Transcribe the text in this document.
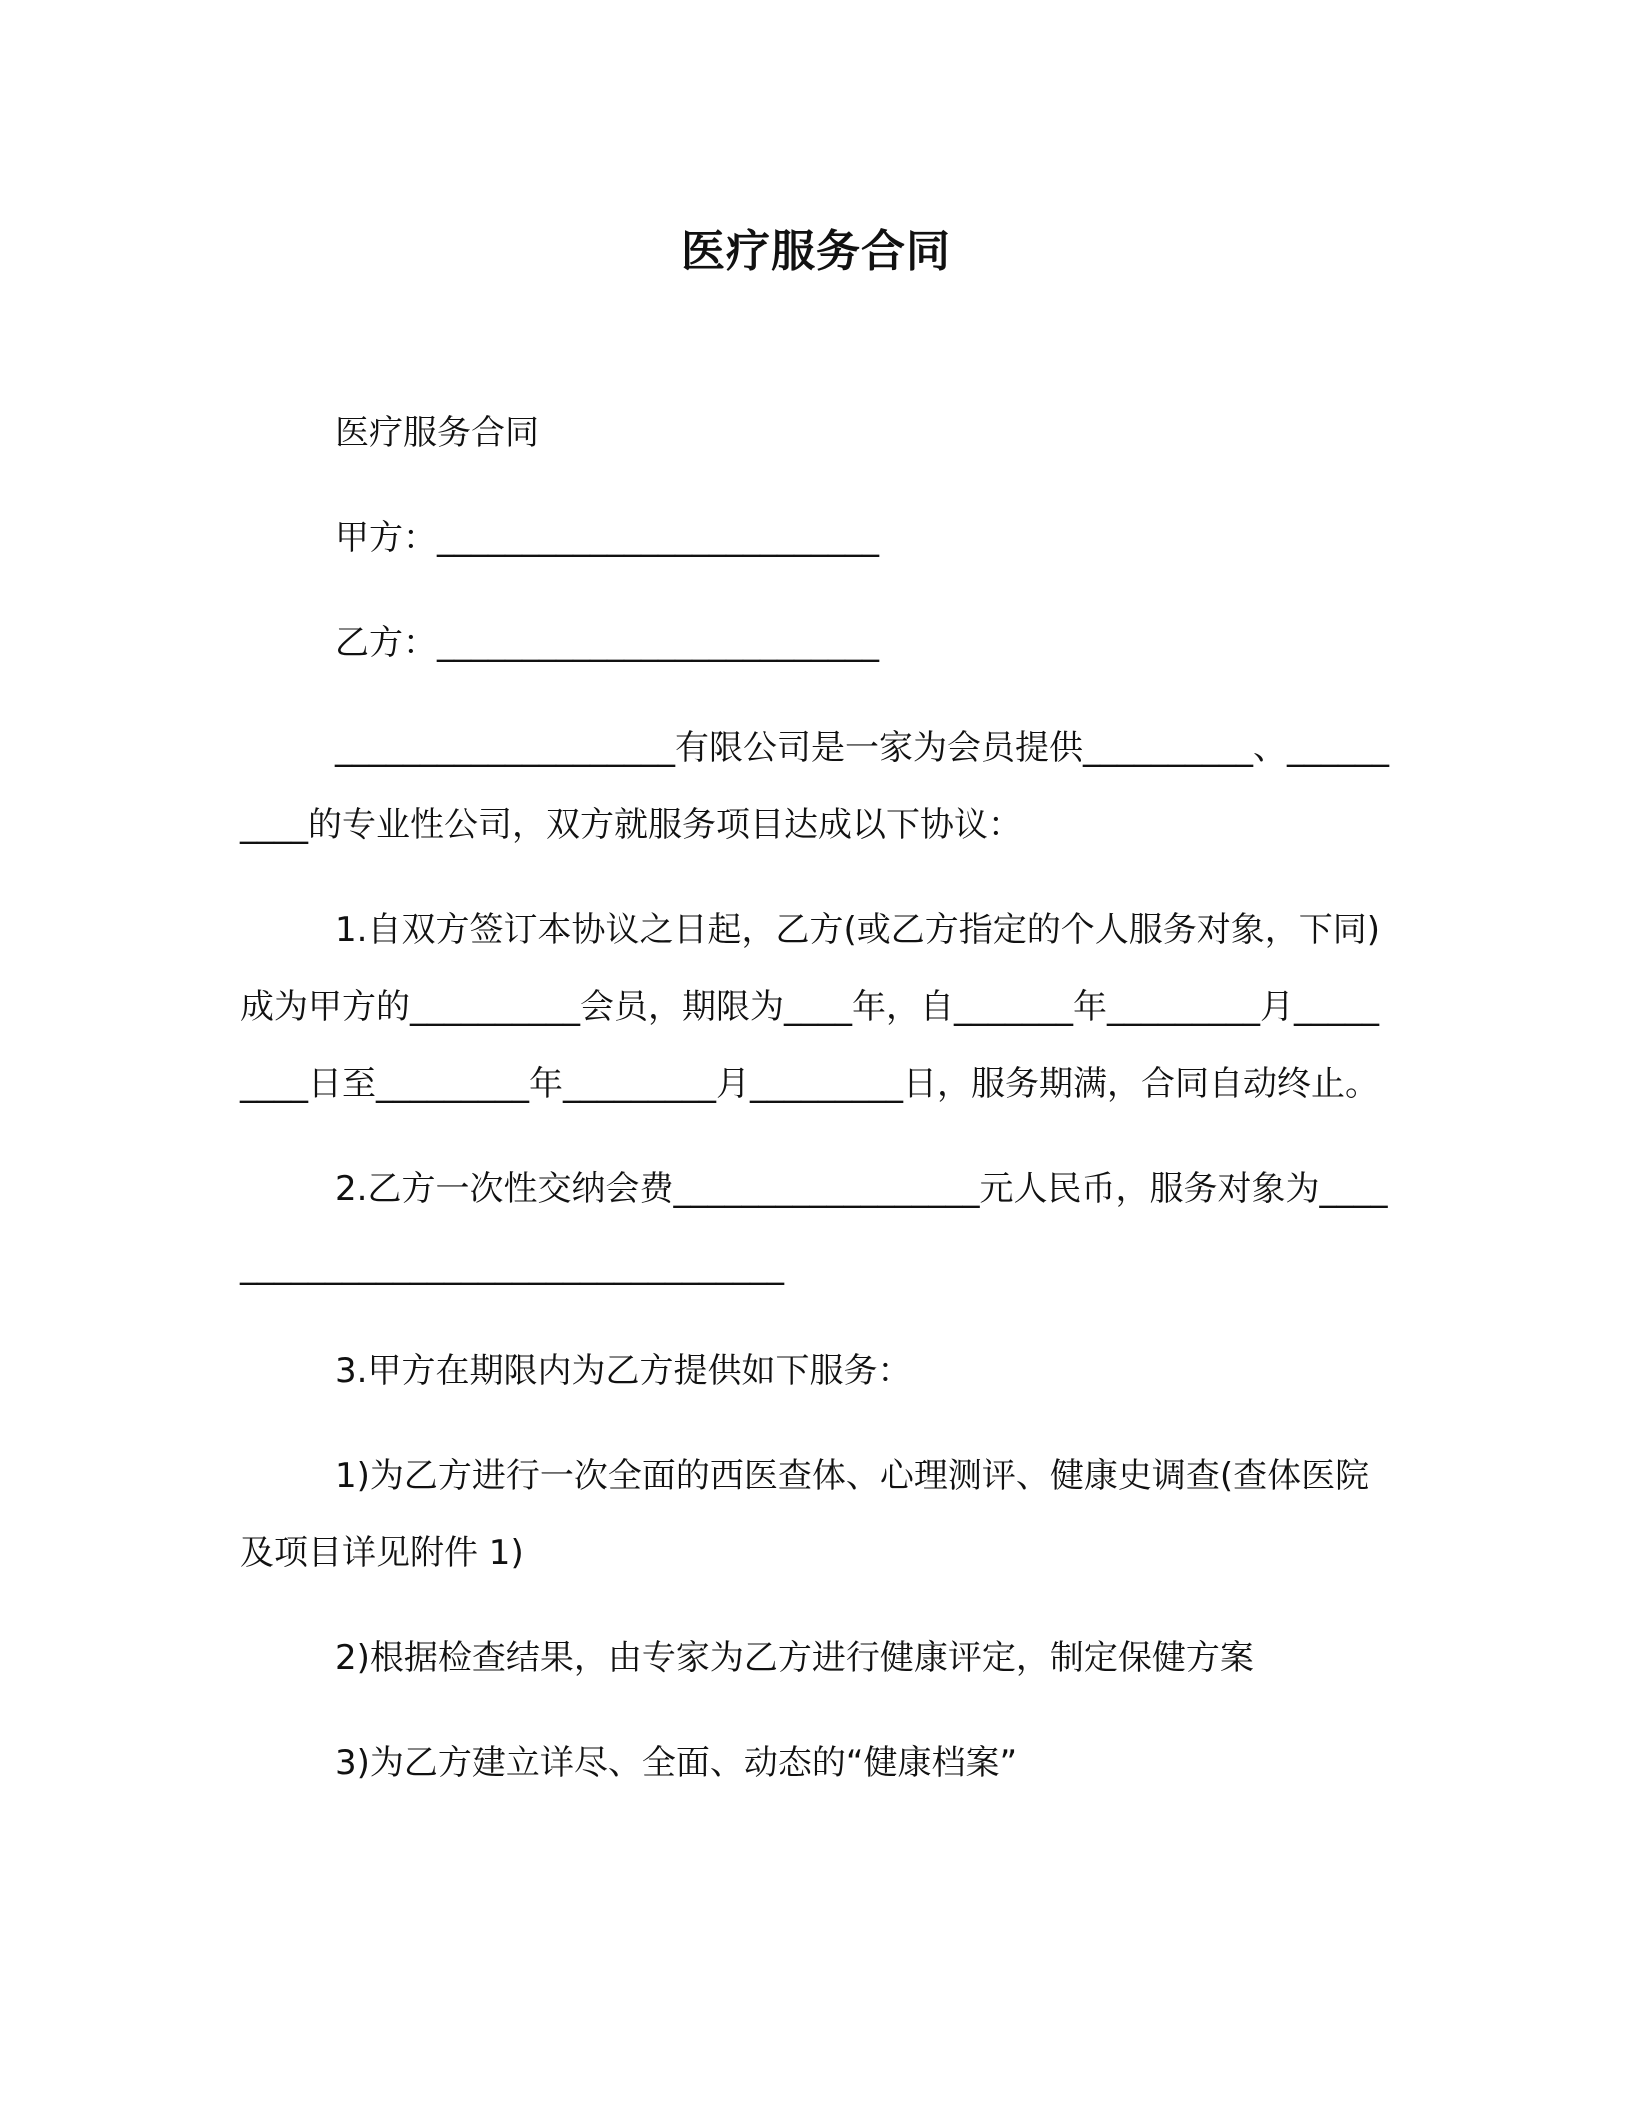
医疗服务合同

医疗服务合同

甲方：__________________________

乙方：__________________________

____________________有限公司是一家为会员提供__________、__________的专业性公司，双方就服务项目达成以下协议：

1.自双方签订本协议之日起，乙方(或乙方指定的个人服务对象，下同)成为甲方的__________会员，期限为____年，自_______年_________月_________日至_________年_________月_________日，服务期满，合同自动终止。

2.乙方一次性交纳会费__________________元人民币，服务对象为____________________________________

3.甲方在期限内为乙方提供如下服务：

1)为乙方进行一次全面的西医查体、心理测评、健康史调查(查体医院及项目详见附件 1)

2)根据检查结果，由专家为乙方进行健康评定，制定保健方案

3)为乙方建立详尽、全面、动态的“健康档案”
